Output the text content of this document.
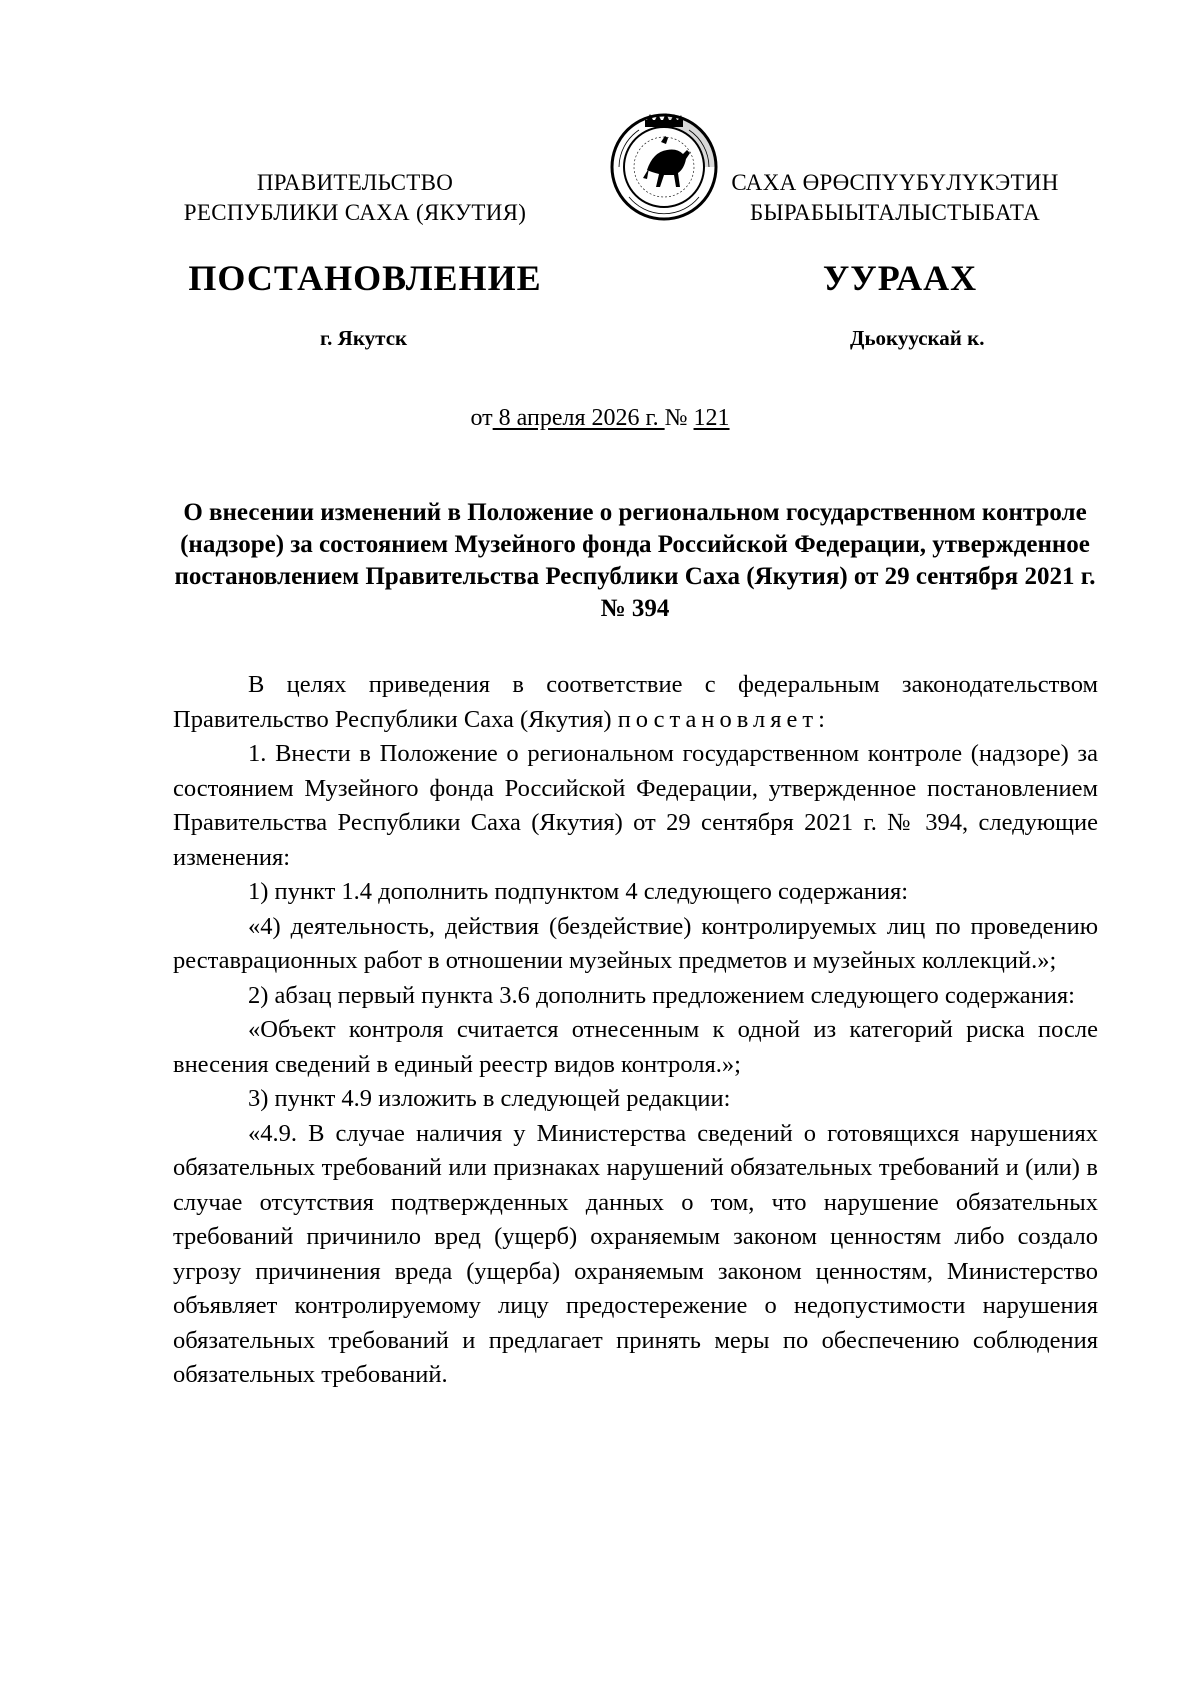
ПРАВИТЕЛЬСТВО
РЕСПУБЛИКИ САХА (ЯКУТИЯ)
САХА ӨРӨСПҮҮБҮЛҮКЭТИН
БЫРАБЫЫТАЛЫСТЫБАТА
ПОСТАНОВЛЕНИЕ	УУРААХ
г. Якутск	Дьокуускай к.
от 8 апреля 2026 г. № 121
О внесении изменений в Положение о региональном государственном контроле (надзоре) за состоянием Музейного фонда Российской Федерации, утвержденное постановлением Правительства Республики Саха (Якутия) от 29 сентября 2021 г. № 394

В целях приведения в соответствие с федеральным законодательством Правительство Республики Саха (Якутия) постановляет:

1. Внести в Положение о региональном государственном контроле (надзоре) за состоянием Музейного фонда Российской Федерации, утвержденное постановлением Правительства Республики Саха (Якутия) от 29 сентября 2021 г. № 394, следующие изменения:

1) пункт 1.4 дополнить подпунктом 4 следующего содержания:

«4) деятельность, действия (бездействие) контролируемых лиц по проведению реставрационных работ в отношении музейных предметов и музейных коллекций.»;

2) абзац первый пункта 3.6 дополнить предложением следующего содержания:

«Объект контроля считается отнесенным к одной из категорий риска после внесения сведений в единый реестр видов контроля.»;

3) пункт 4.9 изложить в следующей редакции:

«4.9. В случае наличия у Министерства сведений о готовящихся нарушениях обязательных требований или признаках нарушений обязательных требований и (или) в случае отсутствия подтвержденных данных о том, что нарушение обязательных требований причинило вред (ущерб) охраняемым законом ценностям либо создало угрозу причинения вреда (ущерба) охраняемым законом ценностям, Министерство объявляет контролируемому лицу предостережение о недопустимости нарушения обязательных требований и предлагает принять меры по обеспечению соблюдения обязательных требований.
